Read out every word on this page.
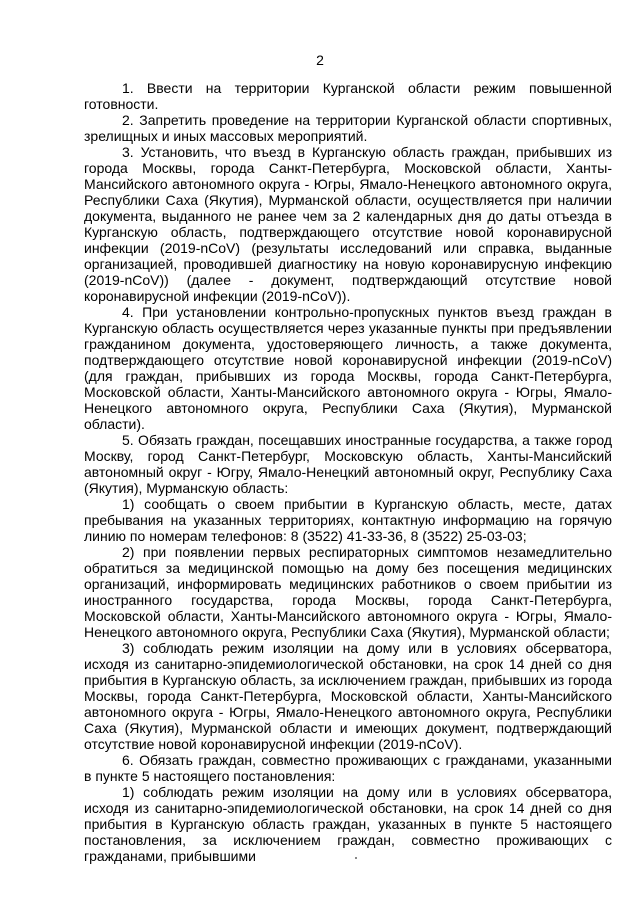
2

1. Ввести на территории Курганской области режим повышенной готовности.

2. Запретить проведение на территории Курганской области спортивных, зрелищных и иных массовых мероприятий.

3. Установить, что въезд в Курганскую область граждан, прибывших из города Москвы, города Санкт-Петербурга, Московской области, Ханты-Мансийского автономного округа - Югры, Ямало-Ненецкого автономного округа, Республики Саха (Якутия), Мурманской области, осуществляется при наличии документа, выданного не ранее чем за 2 календарных дня до даты отъезда в Курганскую область, подтверждающего отсутствие новой коронавирусной инфекции (2019-nCoV) (результаты исследований или справка, выданные организацией, проводившей диагностику на новую коронавирусную инфекцию (2019-nCoV)) (далее - документ, подтверждающий отсутствие новой коронавирусной инфекции (2019-nCoV)).

4. При установлении контрольно-пропускных пунктов въезд граждан в Курганскую область осуществляется через указанные пункты при предъявлении гражданином документа, удостоверяющего личность, а также документа, подтверждающего отсутствие новой коронавирусной инфекции (2019-nCoV) (для граждан, прибывших из города Москвы, города Санкт-Петербурга, Московской области, Ханты-Мансийского автономного округа - Югры, Ямало-Ненецкого автономного округа, Республики Саха (Якутия), Мурманской области).

5. Обязать граждан, посещавших иностранные государства, а также город Москву, город Санкт-Петербург, Московскую область, Ханты-Мансийский автономный округ - Югру, Ямало-Ненецкий автономный округ, Республику Саха (Якутия), Мурманскую область:

1) сообщать о своем прибытии в Курганскую область, месте, датах пребывания на указанных территориях, контактную информацию на горячую линию по номерам телефонов: 8 (3522) 41-33-36, 8 (3522) 25-03-03;

2) при появлении первых респираторных симптомов незамедлительно обратиться за медицинской помощью на дому без посещения медицинских организаций, информировать медицинских работников о своем прибытии из иностранного государства, города Москвы, города Санкт-Петербурга, Московской области, Ханты-Мансийского автономного округа - Югры, Ямало-Ненецкого автономного округа, Республики Саха (Якутия), Мурманской области;

3) соблюдать режим изоляции на дому или в условиях обсерватора, исходя из санитарно-эпидемиологической обстановки, на срок 14 дней со дня прибытия в Курганскую область, за исключением граждан, прибывших из города Москвы, города Санкт-Петербурга, Московской области, Ханты-Мансийского автономного округа - Югры, Ямало-Ненецкого автономного округа, Республики Саха (Якутия), Мурманской области и имеющих документ, подтверждающий отсутствие новой коронавирусной инфекции (2019-nCoV).

6. Обязать граждан, совместно проживающих с гражданами, указанными в пункте 5 настоящего постановления:

1) соблюдать режим изоляции на дому или в условиях обсерватора, исходя из санитарно-эпидемиологической обстановки, на срок 14 дней со дня прибытия в Курганскую область граждан, указанных в пункте 5 настоящего постановления, за исключением граждан, совместно проживающих с гражданами, прибывшими
